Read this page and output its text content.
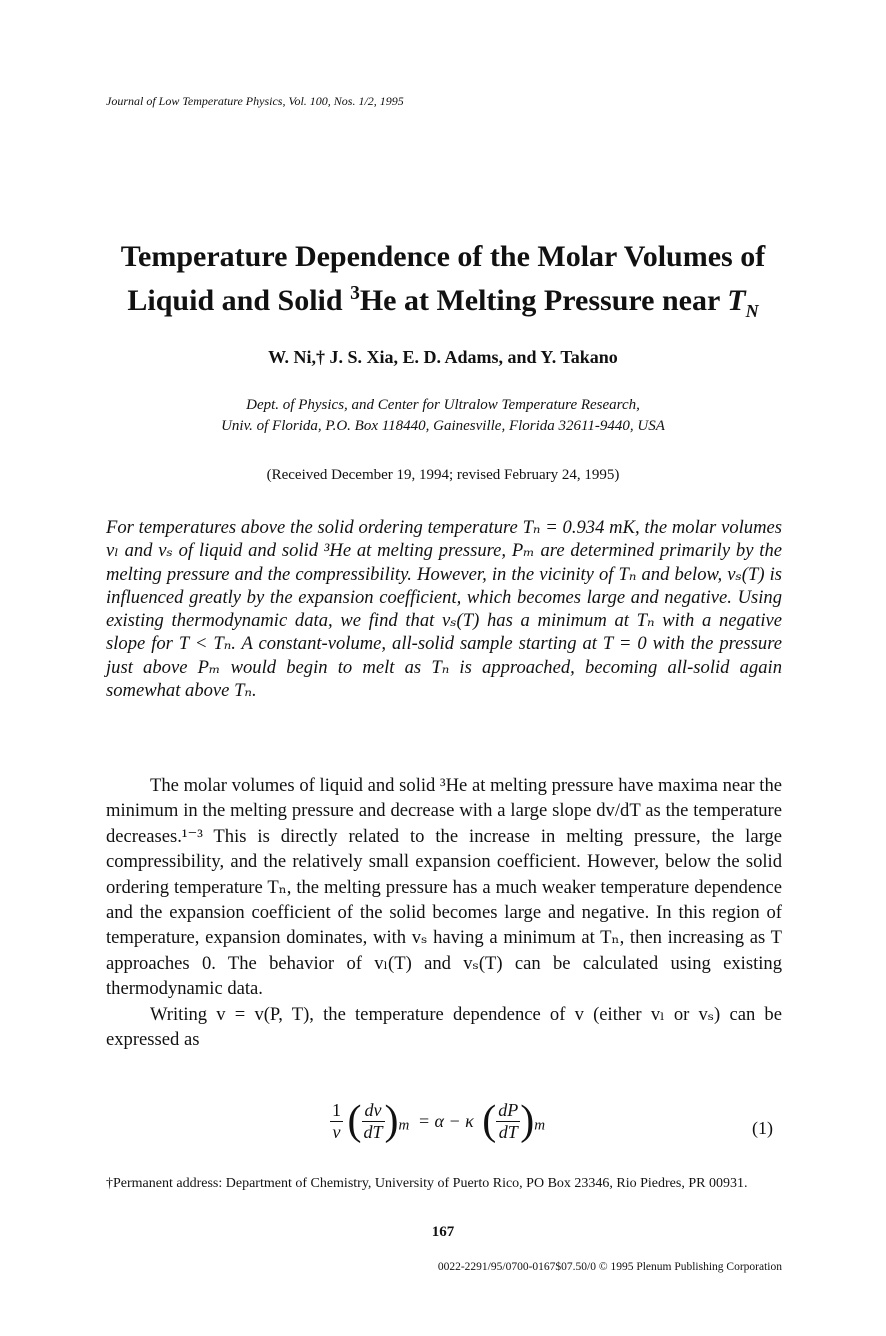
Journal of Low Temperature Physics, Vol. 100, Nos. 1/2, 1995
Temperature Dependence of the Molar Volumes of
Liquid and Solid $^3$He at Melting Pressure near $T_N$
W. Ni,† J. S. Xia, E. D. Adams, and Y. Takano
Dept. of Physics, and Center for Ultralow Temperature Research,
Univ. of Florida, P.O. Box 118440, Gainesville, Florida 32611-9440, USA
(Received December 19, 1994; revised February 24, 1995)

For temperatures above the solid ordering temperature Tₙ = 0.934 mK, the molar volumes vₗ and vₛ of liquid and solid ³He at melting pressure, Pₘ are determined primarily by the melting pressure and the compressibility. However, in the vicinity of Tₙ and below, vₛ(T) is influenced greatly by the expansion coefficient, which becomes large and negative. Using existing thermodynamic data, we find that vₛ(T) has a minimum at Tₙ with a negative slope for T < Tₙ. A constant-volume, all-solid sample starting at T = 0 with the pressure just above Pₘ would begin to melt as Tₙ is approached, becoming all-solid again somewhat above Tₙ.

The molar volumes of liquid and solid ³He at melting pressure have maxima near the minimum in the melting pressure and decrease with a large slope dv/dT as the temperature decreases.¹⁻³ This is directly related to the increase in melting pressure, the large compressibility, and the relatively small expansion coefficient. However, below the solid ordering temperature Tₙ, the melting pressure has a much weaker temperature dependence and the expansion coefficient of the solid becomes large and negative. In this region of temperature, expansion dominates, with vₛ having a minimum at Tₙ, then increasing as T approaches 0. The behavior of vₗ(T) and vₛ(T) can be calculated using existing thermodynamic data.

Writing v = v(P, T), the temperature dependence of v (either vₗ or vₛ) can be expressed as

$\frac{1}{v}$ ( $\frac{dv}{dT} )_m = \alpha - \kappa$ ( $\frac{dP}{dT} )_m$	(1)
†Permanent address: Department of Chemistry, University of Puerto Rico, PO Box 23346, Rio Piedres, PR 00931.
167
0022-2291/95/0700-0167$07.50/0 © 1995 Plenum Publishing Corporation
